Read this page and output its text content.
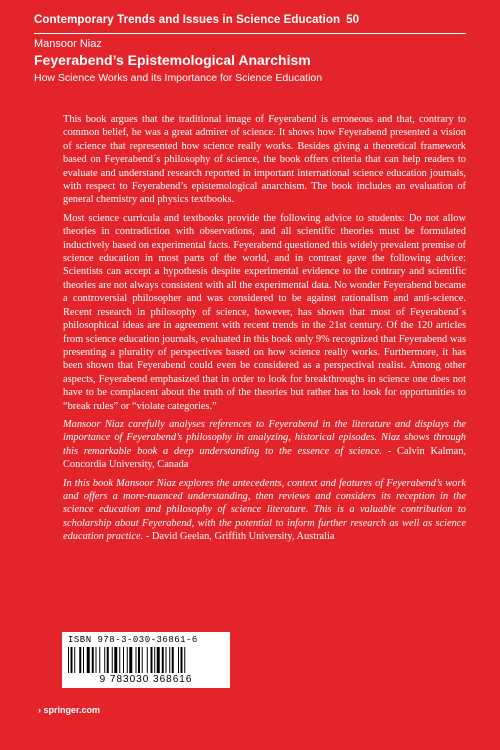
Contemporary Trends and Issues in Science Education 50
Mansoor Niaz
Feyerabend’s Epistemological Anarchism
How Science Works and its Importance for Science Education

This book argues that the traditional image of Feyerabend is erroneous and that, contrary to common belief, he was a great admirer of science. It shows how Feyerabend presented a vision of science that represented how science really works. Besides giving a theoretical framework based on Feyerabend´s philosophy of science, the book offers criteria that can help readers to evaluate and understand research reported in important international science education journals, with respect to Feyerabend’s epistemological anarchism. The book includes an evaluation of general chemistry and physics textbooks.

Most science curricula and textbooks provide the following advice to students: Do not allow theories in contradiction with observations, and all scientific theories must be formulated inductively based on experimental facts. Feyerabend questioned this widely prevalent premise of science education in most parts of the world, and in contrast gave the following advice: Scientists can accept a hypothesis despite experimental evidence to the contrary and scientific theories are not always consistent with all the experimental data. No wonder Feyerabend became a controversial philosopher and was considered to be against rationalism and anti-science. Recent research in philosophy of science, however, has shown that most of Feyerabend´s philosophical ideas are in agreement with recent trends in the 21st century. Of the 120 articles from science education journals, evaluated in this book only 9% recognized that Feyerabend was presenting a plurality of perspectives based on how science really works. Furthermore, it has been shown that Feyerabend could even be considered as a perspectival realist. Among other aspects, Feyerabend emphasized that in order to look for breakthroughs in science one does not have to be complacent about the truth of the theories but rather has to look for opportunities to “break rules” or “violate categories.”

Mansoor Niaz carefully analyses references to Feyerabend in the literature and displays the importance of Feyerabend’s philosophy in analyzing, historical episodes. Niaz shows through this remarkable book a deep understanding to the essence of science. - Calvin Kalman, Concordia University, Canada

In this book Mansoor Niaz explores the antecedents, context and features of Feyerabend’s work and offers a more-nuanced understanding, then reviews and considers its reception in the science education and philosophy of science literature. This is a valuable contribution to scholarship about Feyerabend, with the potential to inform further research as well as science education practice. - David Geelan, Griffith University, Australia

ISBN 978-3-030-36861-6
9 783030 368616
› springer.com
